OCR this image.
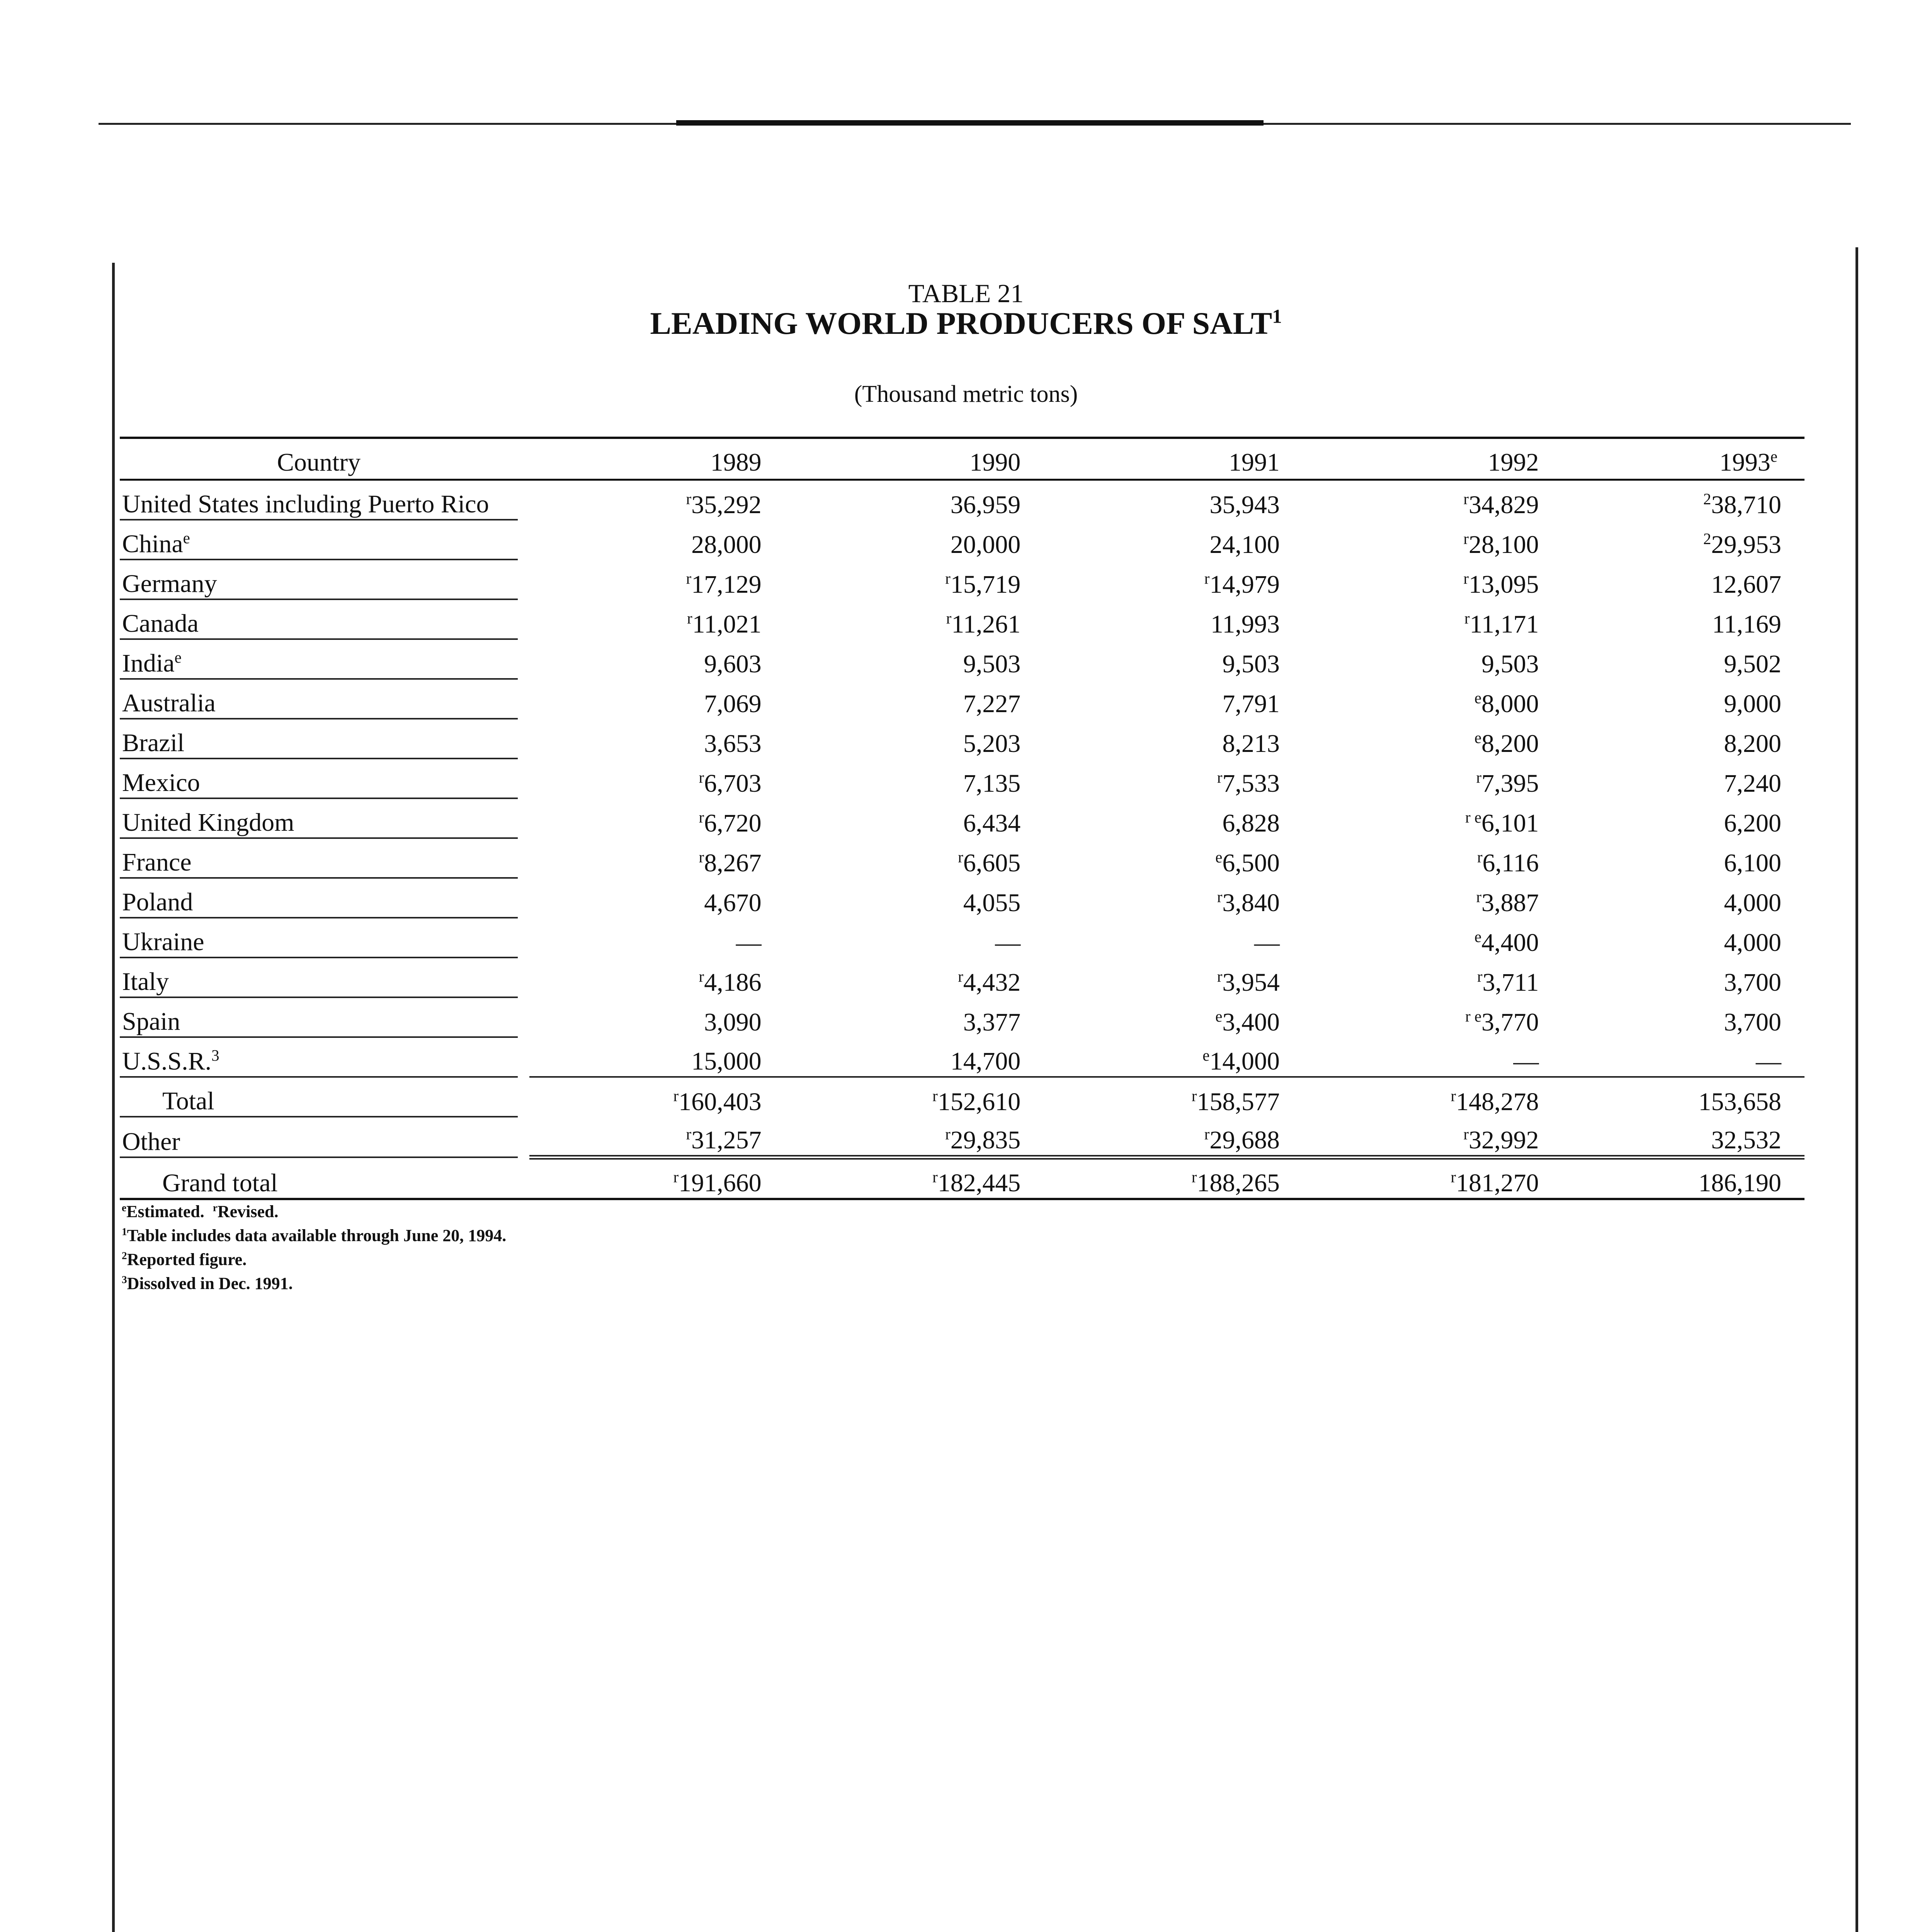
TABLE 21
LEADING WORLD PRODUCERS OF SALT$^1$
(Thousand metric tons)
Country		1989	1990	1991	1992	1993e
United States including Puerto Rico		$^r$35,292	36,959	35,943	$^r$34,829	$^2$38,710
China$^e$		28,000	20,000	24,100	$^r$28,100	$^2$29,953
Germany		$^r$17,129	$^r$15,719	$^r$14,979	$^r$13,095	12,607
Canada		$^r$11,021	$^r$11,261	11,993	$^r$11,171	11,169
India$^e$		9,603	9,503	9,503	9,503	9,502
Australia		7,069	7,227	7,791	$^e$8,000	9,000
Brazil		3,653	5,203	8,213	$^e$8,200	8,200
Mexico		$^r$6,703	7,135	$^r$7,533	$^r$7,395	7,240
United Kingdom		$^r$6,720	6,434	6,828	$^{r e}$6,101	6,200
France		$^r$8,267	$^r$6,605	$^e$6,500	$^r$6,116	6,100
Poland		4,670	4,055	$^r$3,840	$^r$3,887	4,000
Ukraine		—	—	—	$^e$4,400	4,000
Italy		$^r$4,186	$^r$4,432	$^r$3,954	$^r$3,711	3,700
Spain		3,090	3,377	$^e$3,400	$^{r e}$3,770	3,700
U.S.S.R.$^3$		15,000	14,700	$^e$14,000	—	—
Total		$^r$160,403	$^r$152,610	$^r$158,577	$^r$148,278	153,658
Other		$^r$31,257	$^r$29,835	$^r$29,688	$^r$32,992	32,532
Grand total		$^r$191,660	$^r$182,445	$^r$188,265	$^r$181,270	186,190
$^e$Estimated. $^r$Revised.
$^1$Table includes data available through June 20, 1994.
$^2$Reported figure.
$^3$Dissolved in Dec. 1991.
